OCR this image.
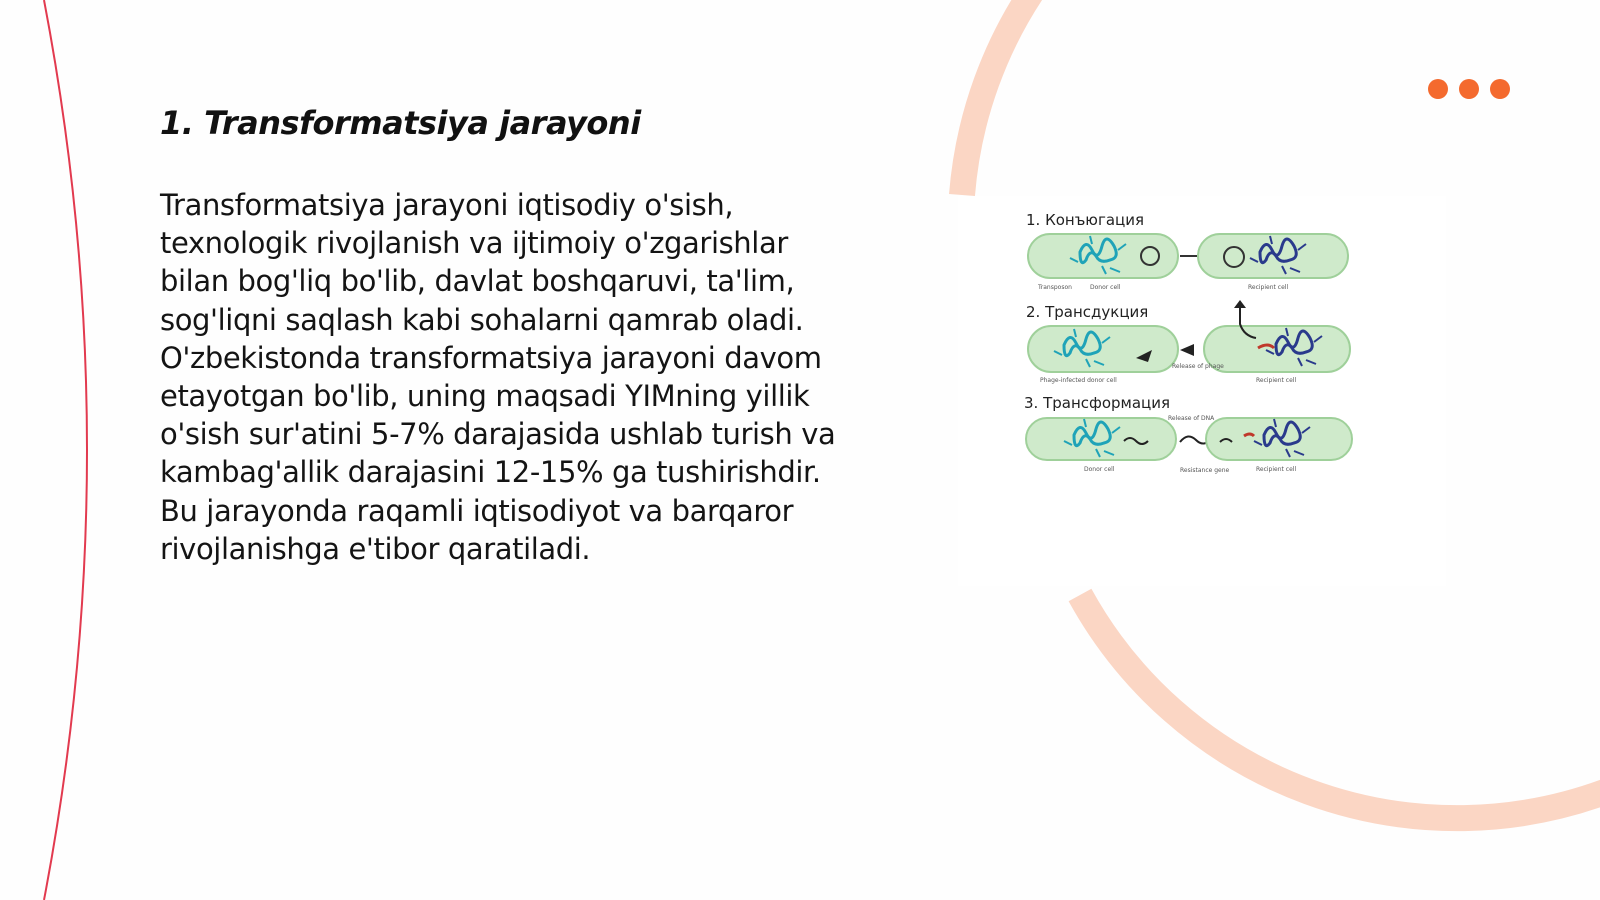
1. Transformatsiya jarayoni

Transformatsiya jarayoni iqtisodiy o'sish, texnologik rivojlanish va ijtimoiy o'zgarishlar bilan bog'liq bo'lib, davlat boshqaruvi, ta'lim, sog'liqni saqlash kabi sohalarni qamrab oladi. O'zbekistonda transformatsiya jarayoni davom etayotgan bo'lib, uning maqsadi YIMning yillik o'sish sur'atini 5-7% darajasida ushlab turish va kambag'allik darajasini 12-15% ga tushirishdir. Bu jarayonda raqamli iqtisodiyot va barqaror rivojlanishga e'tibor qaratiladi.

1. Конъюгация
Transposon	Donor cell	Recipient cell
2. Трансдукция
Phage-infected donor cell
Release of phage
Recipient cell
3. Трансформация
Release of DNA
Donor cell	Resistance gene	Recipient cell
